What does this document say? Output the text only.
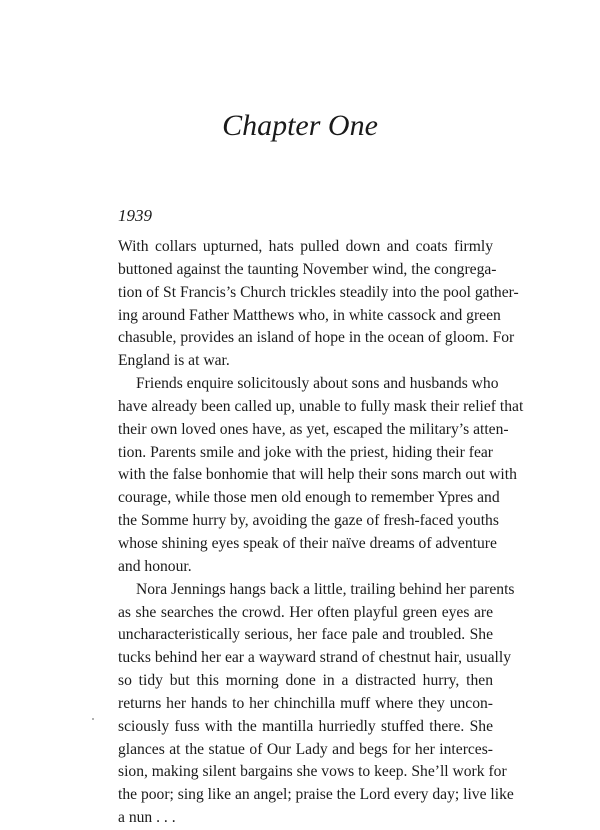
Chapter One
1939
With collars upturned, hats pulled down and coats firmly
buttoned against the taunting November wind, the congrega-
tion of St Francis’s Church trickles steadily into the pool gather-
ing around Father Matthews who, in white cassock and green
chasuble, provides an island of hope in the ocean of gloom. For
England is at war.
Friends enquire solicitously about sons and husbands who
have already been called up, unable to fully mask their relief that
their own loved ones have, as yet, escaped the military’s atten-
tion. Parents smile and joke with the priest, hiding their fear
with the false bonhomie that will help their sons march out with
courage, while those men old enough to remember Ypres and
the Somme hurry by, avoiding the gaze of fresh-faced youths
whose shining eyes speak of their naïve dreams of adventure
and honour.
Nora Jennings hangs back a little, trailing behind her parents
as she searches the crowd. Her often playful green eyes are
uncharacteristically serious, her face pale and troubled. She
tucks behind her ear a wayward strand of chestnut hair, usually
so tidy but this morning done in a distracted hurry, then
returns her hands to her chinchilla muff where they uncon-
sciously fuss with the mantilla hurriedly stuffed there. She
glances at the statue of Our Lady and begs for her interces-
sion, making silent bargains she vows to keep. She’ll work for
the poor; sing like an angel; praise the Lord every day; live like
a nun . . .
